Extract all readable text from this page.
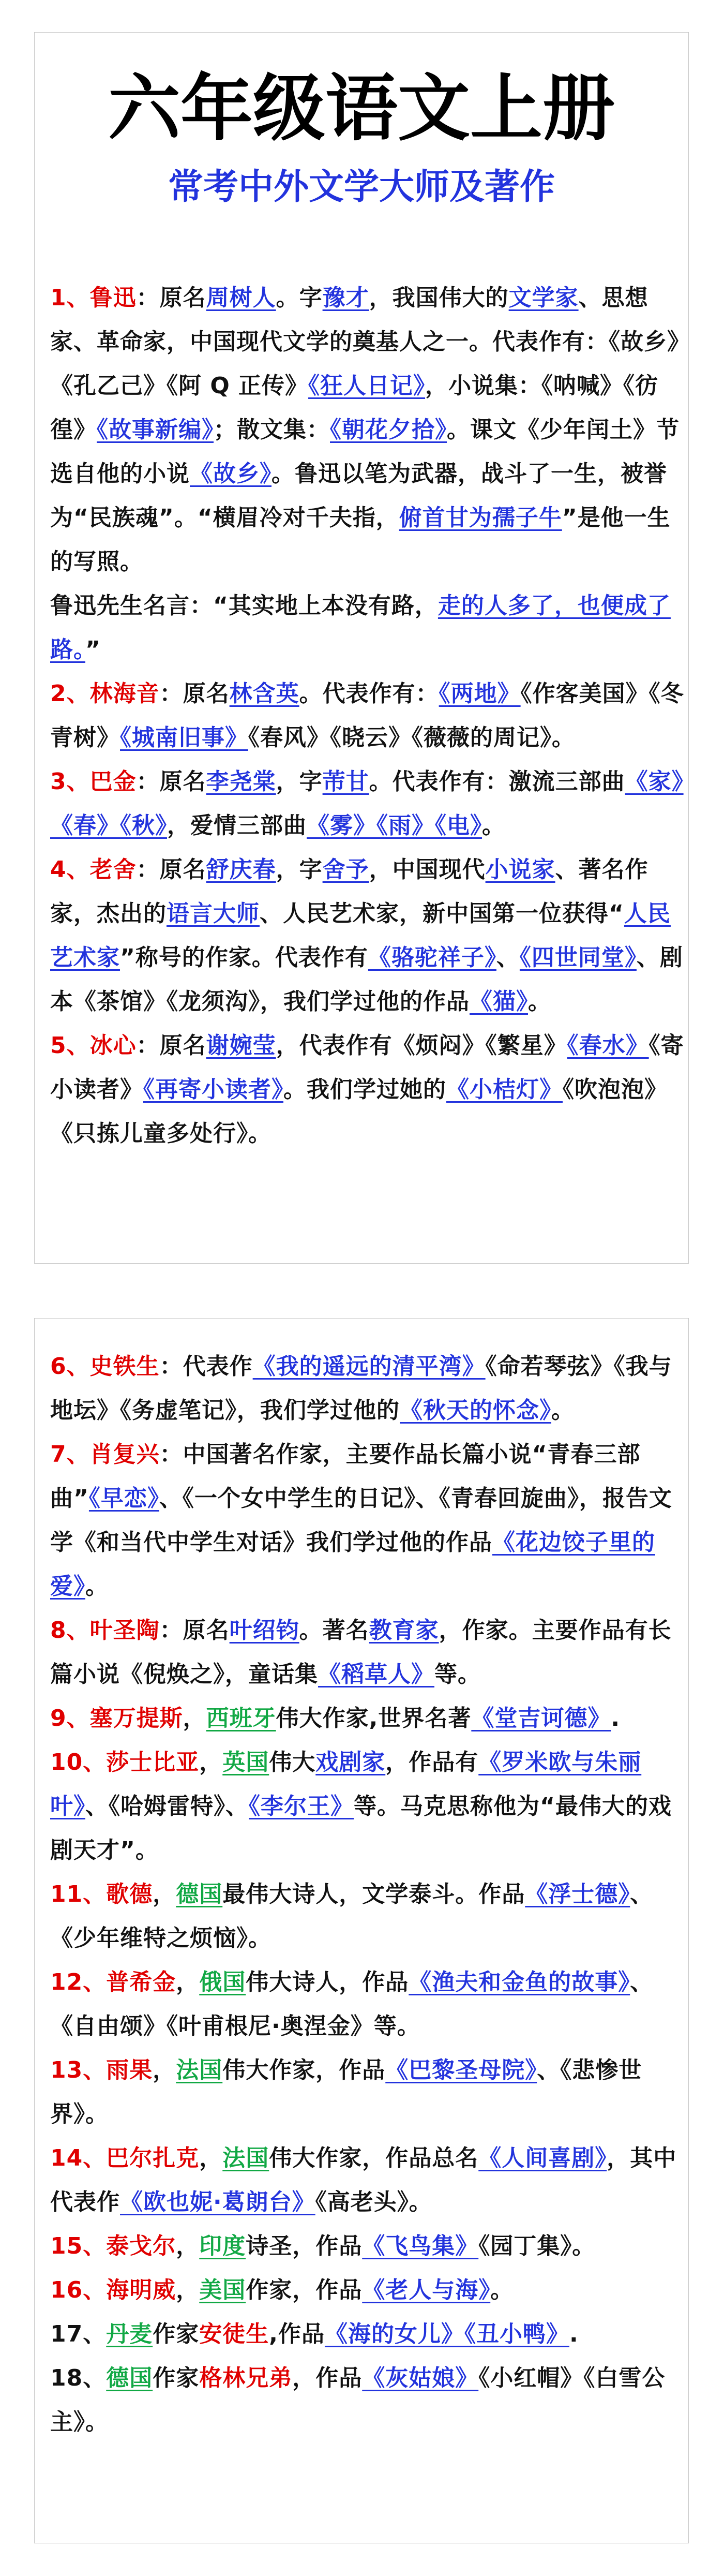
六年级语文上册
常考中外文学大师及著作

1、鲁迅：原名周树人。字豫才，我国伟大的文学家、思想家、革命家，中国现代文学的奠基人之一。代表作有：《故乡》《孔乙己》《阿 Q 正传》《狂人日记》，小说集：《呐喊》《彷徨》《故事新编》；散文集：《朝花夕拾》。课文《少年闰土》节选自他的小说《故乡》。鲁迅以笔为武器，战斗了一生，被誉为“民族魂”。“横眉冷对千夫指，俯首甘为孺子牛”是他一生的写照。

鲁迅先生名言：“其实地上本没有路，走的人多了，也便成了路。”

2、林海音：原名林含英。代表作有：《两地》《作客美国》《冬青树》《城南旧事》《春风》《晓云》《薇薇的周记》。

3、巴金：原名李尧棠，字芾甘。代表作有：激流三部曲《家》《春》《秋》，爱情三部曲《雾》《雨》《电》。

4、老舍：原名舒庆春，字舍予，中国现代小说家、著名作家，杰出的语言大师、人民艺术家，新中国第一位获得“人民艺术家”称号的作家。代表作有《骆驼祥子》、《四世同堂》、剧本《茶馆》《龙须沟》，我们学过他的作品《猫》。

5、冰心：原名谢婉莹，代表作有《烦闷》《繁星》《春水》《寄小读者》《再寄小读者》。我们学过她的《小桔灯》《吹泡泡》《只拣儿童多处行》。

6、史铁生：代表作《我的遥远的清平湾》《命若琴弦》《我与地坛》《务虚笔记》，我们学过他的《秋天的怀念》。

7、肖复兴：中国著名作家，主要作品长篇小说“青春三部曲”《早恋》、《一个女中学生的日记》、《青春回旋曲》，报告文学《和当代中学生对话》我们学过他的作品《花边饺子里的爱》。

8、叶圣陶：原名叶绍钧。著名教育家，作家。主要作品有长篇小说《倪焕之》，童话集《稻草人》等。

9、塞万提斯，西班牙伟大作家,世界名著《堂吉诃德》.

10、莎士比亚，英国伟大戏剧家，作品有《罗米欧与朱丽叶》、《哈姆雷特》、《李尔王》等。马克思称他为“最伟大的戏剧天才”。

11、歌德，德国最伟大诗人，文学泰斗。作品《浮士德》、《少年维特之烦恼》。

12、普希金，俄国伟大诗人，作品《渔夫和金鱼的故事》、《自由颂》《叶甫根尼·奥涅金》等。

13、雨果，法国伟大作家，作品《巴黎圣母院》、《悲惨世界》。

14、巴尔扎克，法国伟大作家，作品总名《人间喜剧》，其中代表作《欧也妮·葛朗台》《高老头》。

15、泰戈尔，印度诗圣，作品《飞鸟集》《园丁集》。

16、海明威，美国作家，作品《老人与海》。

17、丹麦作家安徒生,作品《海的女儿》《丑小鸭》.

18、德国作家格林兄弟，作品《灰姑娘》《小红帽》《白雪公主》。
